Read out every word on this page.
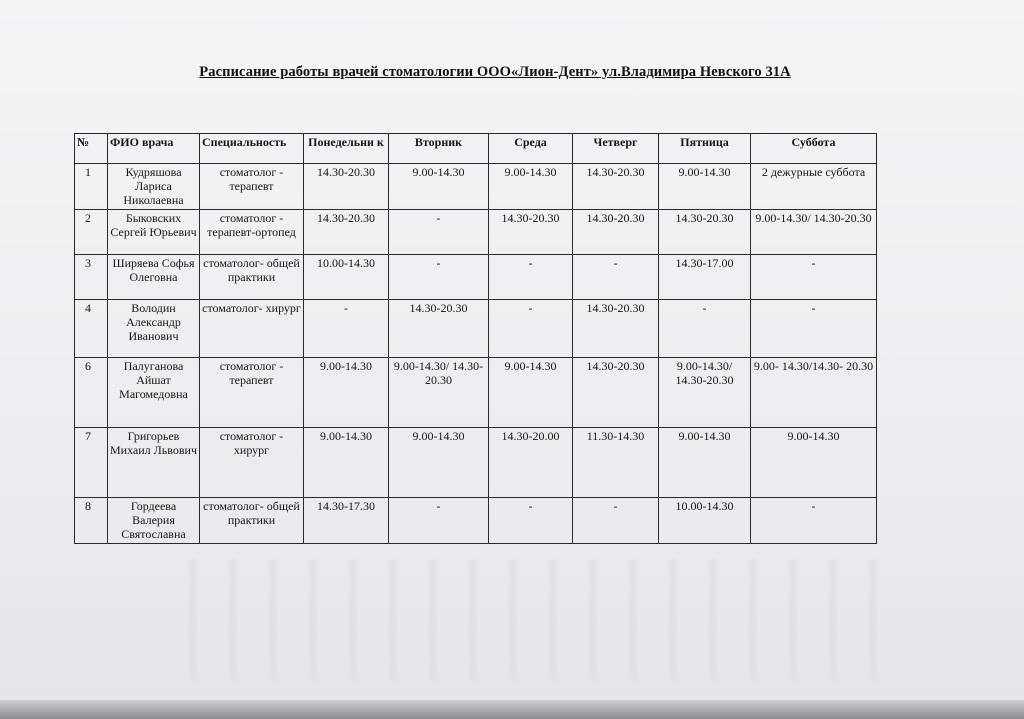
Расписание работы врачей стоматологии ООО«Лион-Дент» ул.Владимира Невского 31А
№	ФИО врача	Специальность	Понедельни к	Вторник	Среда	Четверг	Пятница	Суббота
1	Кудряшова Лариса Николаевна	стоматолог - терапевт	14.30-20.30	9.00-14.30	9.00-14.30	14.30-20.30	9.00-14.30	2 дежурные суббота
2	Быковских Сергей Юрьевич	стоматолог - терапевт-ортопед	14.30-20.30	-	14.30-20.30	14.30-20.30	14.30-20.30	9.00-14.30/ 14.30-20.30
3	Ширяева Софья Олеговна	стоматолог- общей практики	10.00-14.30	-	-	-	14.30-17.00	-
4	Володин Александр Иванович	стоматолог- хирург	-	14.30-20.30	-	14.30-20.30	-	-
6	Палуганова Айшат Магомедовна	стоматолог - терапевт	9.00-14.30	9.00-14.30/ 14.30-20.30	9.00-14.30	14.30-20.30	9.00-14.30/ 14.30-20.30	9.00- 14.30/14.30- 20.30
7	Григорьев Михаил Львович	стоматолог - хирург	9.00-14.30	9.00-14.30	14.30-20.00	11.30-14.30	9.00-14.30	9.00-14.30
8	Гордеева Валерия Святославна	стоматолог- общей практики	14.30-17.30	-	-	-	10.00-14.30	-
